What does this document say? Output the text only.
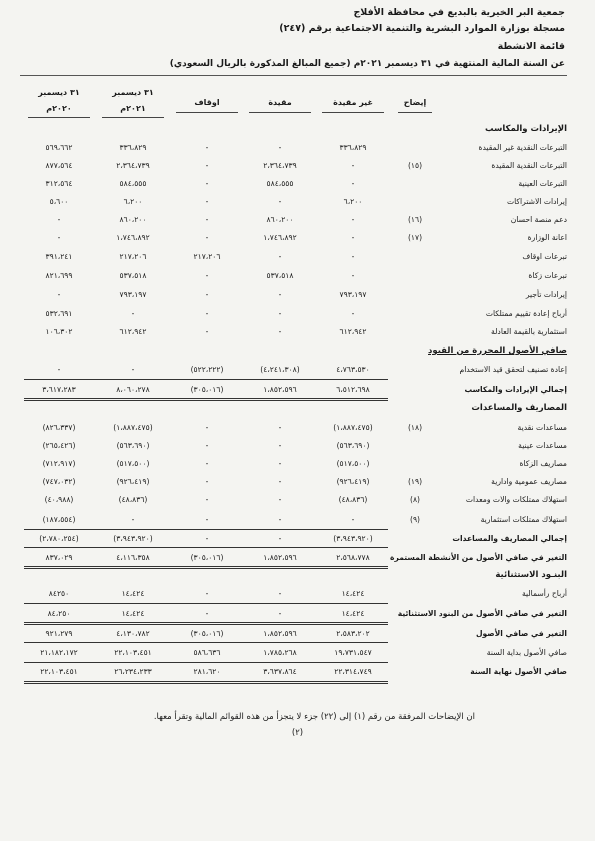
جمعية البر الخيرية بالبديع في محافظة الأفلاج
مسجلة بوزارة الموارد البشرية والتنمية الاجتماعية برقم (٢٤٧)
قائمة الانشطة
عن السنة المالية المنتهية في ٣١ ديسمبر ٢٠٢١م (جميع المبالغ المذكورة بالريال السعودي)
إيضاح
غير مقيدة
مقيدة
اوقاف
٣١ ديسمبر
٢٠٢١م
٣١ ديسمبر
٢٠٢٠م
الإيرادات والمكاسب
صافي الأصول المحررة من القيود
المصاريف والمساعدات
البنـود الاستثنائية
التبرعات النقدية غير المقيدة
٣٣٦،٨٢٩
-
-
٣٣٦،٨٢٩
٥٦٩،٦٦٢
التبرعات النقدية المقيدة
(١٥)
-
٢،٣٦٤،٧٣٩
-
٢،٣٦٤،٧٣٩
٨٧٧،٥٦٤
التبرعات العينية
-
٥٨٤،٥٥٥
-
٥٨٤،٥٥٥
٣١٢،٥٦٤
إيرادات الاشتراكات
٦،٢٠٠
-
-
٦،٢٠٠
٥،٦٠٠
دعم منصة احسان
(١٦)
-
٨٦٠،٢٠٠
-
٨٦٠،٢٠٠
-
اعانة الوزارة
(١٧)
-
١،٧٤٦،٨٩٢
-
١،٧٤٦،٨٩٢
-
تبرعات اوقاف
-
-
٢١٧،٢٠٦
٢١٧،٢٠٦
٣٩١،٢٤١
تبرعات زكاة
-
٥٣٧،٥١٨
-
٥٣٧،٥١٨
٨٢١،٦٩٩
إيرادات تأجير
٧٩٣،١٩٧
-
-
٧٩٣،١٩٧
-
أرباح إعادة تقييم ممتلكات
-
-
-
-
٥٣٢،٦٩١
استثمارية بالقيمة العادلة
٦١٢،٩٤٢
-
-
٦١٢،٩٤٢
١٠٦،٣٠٢
إعادة تصنيف لتحقق قيد الاستخدام
٤،٧٦٣،٥٣٠
(٤،٢٤١،٣٠٨)
(٥٢٢،٢٢٢)
-
-
إجمالي الإيرادات والمكاسب
٦،٥١٢،٦٩٨
١،٨٥٢،٥٩٦
(٣٠٥،٠١٦)
٨،٠٦٠،٢٧٨
٣،٦١٧،٢٨٣
مساعدات نقدية
(١٨)
(١،٨٨٧،٤٧٥)
-
-
(١،٨٨٧،٤٧٥)
(٨٢٦،٣٣٧)
مساعدات عينية
(٥٦٣،٦٩٠)
-
-
(٥٦٣،٦٩٠)
(٢٦٥،٤٢٦)
مصاريف الزكاة
(٥١٧،٥٠٠)
-
-
(٥١٧،٥٠٠)
(٧١٢،٩١٧)
مصاريف عمومية وادارية
(١٩)
(٩٢٦،٤١٩)
-
-
(٩٢٦،٤١٩)
(٧٤٧،٠٣٢)
استهلاك ممتلكات والات ومعدات
(٨)
(٤٨،٨٣٦)
-
-
(٤٨،٨٣٦)
(٤٠،٩٨٨)
استهلاك ممتلكات استثمارية
(٩)
-
-
-
-
(١٨٧،٥٥٤)
إجمالي المصاريف والمساعدات
(٣،٩٤٣،٩٢٠)
-
-
(٣،٩٤٣،٩٢٠)
(٢،٧٨٠،٢٥٤)
التغير في صافي الأصول من الأنشطة المستمرة
٢،٥٦٨،٧٧٨
١،٨٥٢،٥٩٦
(٣٠٥،٠١٦)
٤،١١٦،٣٥٨
٨٣٧،٠٢٩
أرباح رأسمالية
١٤،٤٢٤
-
-
١٤،٤٢٤
٨٤٢٥٠
التغير في صافي الأصول من البنود الاستثنائية
١٤،٤٢٤
-
-
١٤،٤٢٤
٨٤،٢٥٠
التغير في صافي الأصول
٢،٥٨٣،٢٠٢
١،٨٥٢،٥٩٦
(٣٠٥،٠١٦)
٤،١٣٠،٧٨٢
٩٢١،٢٧٩
صافي الأصول بداية السنة
١٩،٧٣١،٥٤٧
١،٧٨٥،٢٦٨
٥٨٦،٦٣٦
٢٢،١٠٣،٤٥١
٢١،١٨٢،١٧٢
صافي الأصول نهاية السنة
٢٢،٣١٤،٧٤٩
٣،٦٣٧،٨٦٤
٢٨١،٦٢٠
٢٦،٢٣٤،٢٣٣
٢٢،١٠٣،٤٥١
ان الإيضاحات المرفقة من رقم (١) إلى (٢٢) جزء لا يتجزأ من هذه القوائم المالية وتقرأ معها.
(٢)
